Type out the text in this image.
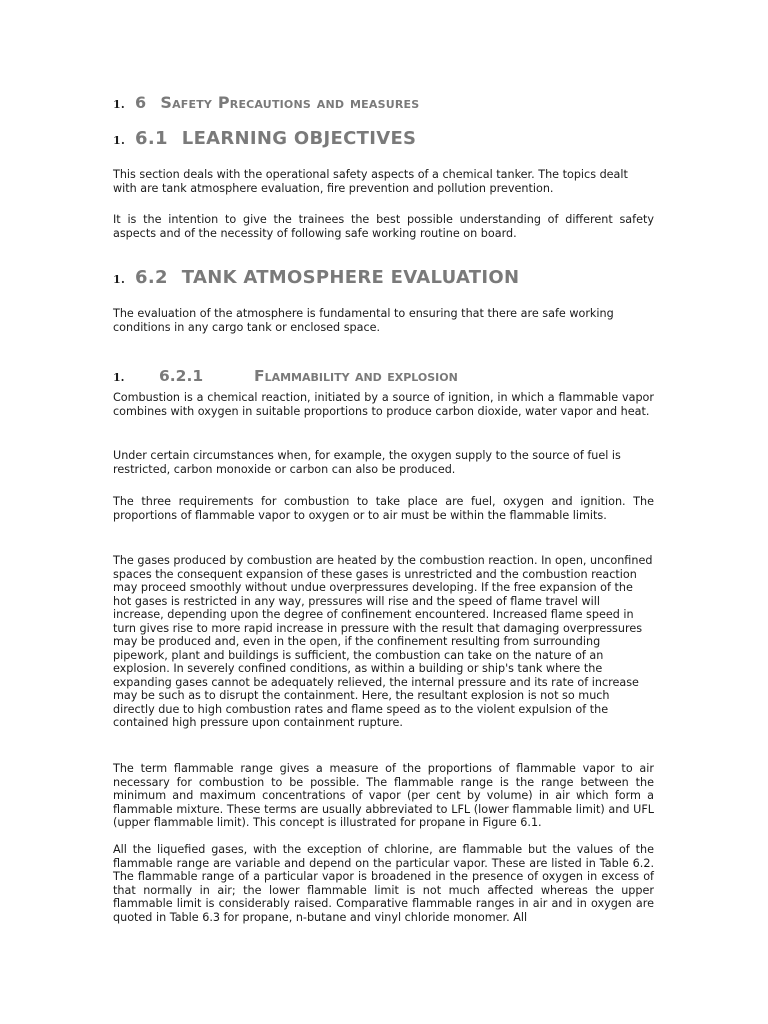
1. 6 Safety Precautions and measures
1. 6.1 LEARNING OBJECTIVES

This section deals with the operational safety aspects of a chemical tanker. The topics dealt with are tank atmosphere evaluation, fire prevention and pollution prevention.

It is the intention to give the trainees the best possible understanding of different safety aspects and of the necessity of following safe working routine on board.

1. 6.2 TANK ATMOSPHERE EVALUATION

The evaluation of the atmosphere is fundamental to ensuring that there are safe working conditions in any cargo tank or enclosed space.

1.	6.2.1	Flammability and explosion

Combustion is a chemical reaction, initiated by a source of ignition, in which a flammable vapor combines with oxygen in suitable proportions to produce carbon dioxide, water vapor and heat.

Under certain circumstances when, for example, the oxygen supply to the source of fuel is restricted, carbon monoxide or carbon can also be produced.

The three requirements for combustion to take place are fuel, oxygen and ignition. The proportions of flammable vapor to oxygen or to air must be within the flammable limits.

The gases produced by combustion are heated by the combustion reaction. In open, unconfined spaces the consequent expansion of these gases is unrestricted and the combustion reaction may proceed smoothly without undue overpressures developing. If the free expansion of the hot gases is restricted in any way, pressures will rise and the speed of flame travel will increase, depending upon the degree of confinement encountered. Increased flame speed in turn gives rise to more rapid increase in pressure with the result that damaging overpressures may be produced and, even in the open, if the confinement resulting from surrounding pipework, plant and buildings is sufficient, the combustion can take on the nature of an explosion. In severely confined conditions, as within a building or ship's tank where the expanding gases cannot be adequately relieved, the internal pressure and its rate of increase may be such as to disrupt the containment. Here, the resultant explosion is not so much directly due to high combustion rates and flame speed as to the violent expulsion of the contained high pressure upon containment rupture.

The term flammable range gives a measure of the proportions of flammable vapor to air necessary for combustion to be possible. The flammable range is the range between the minimum and maximum concentrations of vapor (per cent by volume) in air which form a flammable mixture. These terms are usually abbreviated to LFL (lower flammable limit) and UFL (upper flammable limit). This concept is illustrated for propane in Figure 6.1.

All the liquefied gases, with the exception of chlorine, are flammable but the values of the flammable range are variable and depend on the particular vapor. These are listed in Table 6.2. The flammable range of a particular vapor is broadened in the presence of oxygen in excess of that normally in air; the lower flammable limit is not much affected whereas the upper flammable limit is considerably raised. Comparative flammable ranges in air and in oxygen are quoted in Table 6.3 for propane, n-butane and vinyl chloride monomer. All
